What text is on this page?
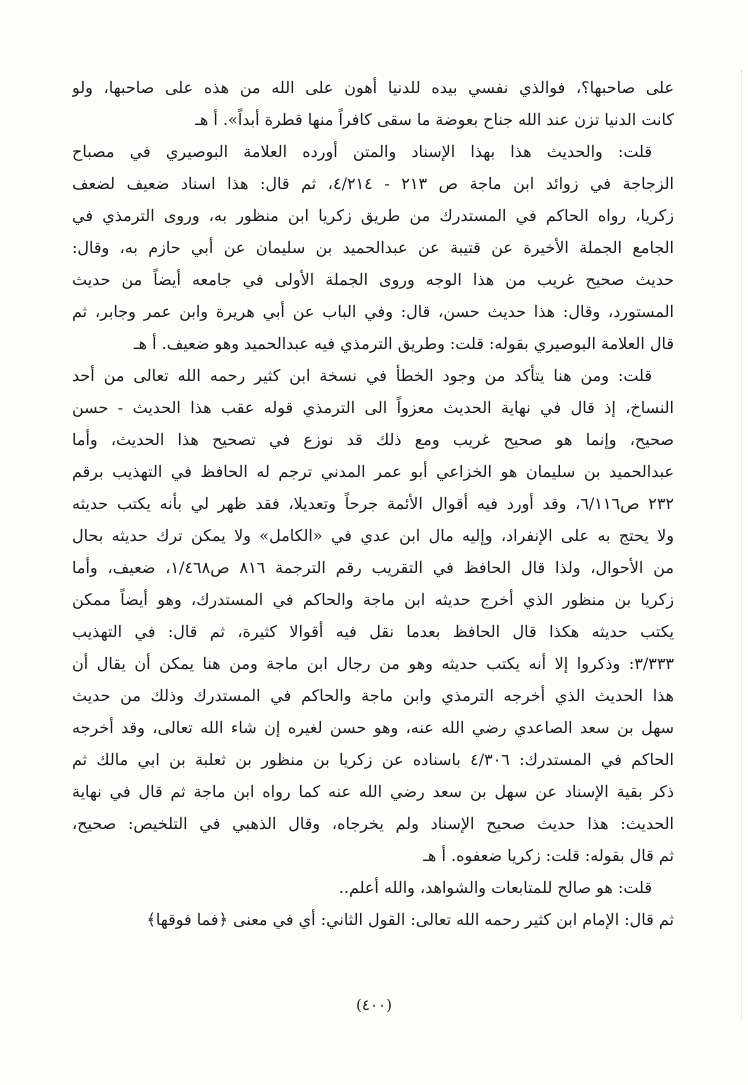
على صاحبها؟، فوالذي نفسي بيده للدنيا أهون على الله من هذه على صاحبها، ولو
كانت الدنيا تزن عند الله جناح بعوضة ما سقى كافراً منها قطرة أبداً». أ هـ
قلت: والحديث هذا بهذا الإسناد والمتن أورده العلامة البوصيري في مصباح
الزجاجة في زوائد ابن ماجة ص ٢١٣ - ٤/٢١٤، ثم قال: هذا اسناد ضعيف لضعف
زكريا، رواه الحاكم في المستدرك من طريق زكريا ابن منظور به، وروى الترمذي في
الجامع الجملة الأخيرة عن قتيبة عن عبدالحميد بن سليمان عن أبي حازم به، وقال:
حديث صحيح غريب من هذا الوجه وروى الجملة الأولى في جامعه أيضاً من حديث
المستورد، وقال: هذا حديث حسن، قال: وفي الباب عن أبي هريرة وابن عمر وجابر، ثم
قال العلامة البوصيري بقوله: قلت: وطريق الترمذي فيه عبدالحميد وهو ضعيف. أ هـ
قلت: ومن هنا يتأكد من وجود الخطأ في نسخة ابن كثير رحمه الله تعالى من أحد
النساخ، إذ قال في نهاية الحديث معزواً الى الترمذي قوله عقب هذا الحديث - حسن
صحيح، وإنما هو صحيح غريب ومع ذلك قد نوزع في تصحيح هذا الحديث، وأما
عبدالحميد بن سليمان هو الخزاعي أبو عمر المدني ترجم له الحافظ في التهذيب برقم
٢٣٢ ص٦/١١٦، وقد أورد فيه أقوال الأئمة جرحاً وتعديلا، فقد ظهر لي بأنه يكتب حديثه
ولا يحتج به على الإنفراد، وإليه مال ابن عدي في «الكامل» ولا يمكن ترك حديثه بحال
من الأحوال، ولذا قال الحافظ في التقريب رقم الترجمة ٨١٦ ص١/٤٦٨، ضعيف، وأما
زكريا بن منظور الذي أخرج حديثه ابن ماجة والحاكم في المستدرك، وهو أيضاً ممكن
يكتب حديثه هكذا قال الحافظ بعدما نقل فيه أقوالا كثيرة، ثم قال: في التهذيب
٣/٣٣٣: وذكروا إلا أنه يكتب حديثه وهو من رجال ابن ماجة ومن هنا يمكن أن يقال أن
هذا الحديث الذي أخرجه الترمذي وابن ماجة والحاكم في المستدرك وذلك من حديث
سهل بن سعد الصاعدي رضي الله عنه، وهو حسن لغيره إن شاء الله تعالى، وقد أخرجه
الحاكم في المستدرك: ٤/٣٠٦ باسناده عن زكريا بن منظور بن ثعلبة بن ابي مالك ثم
ذكر بقية الإسناد عن سهل بن سعد رضي الله عنه كما رواه ابن ماجة ثم قال في نهاية
الحديث: هذا حديث صحيح الإسناد ولم يخرجاه، وقال الذهبي في التلخيص: صحيح،
ثم قال بقوله: قلت: زكريا ضعفوه. أ هـ
قلت: هو صالح للمتابعات والشواهد، والله أعلم..
ثم قال: الإمام ابن كثير رحمه الله تعالى: القول الثاني: أي في معنى ﴿فما فوقها﴾
(٤٠٠)
